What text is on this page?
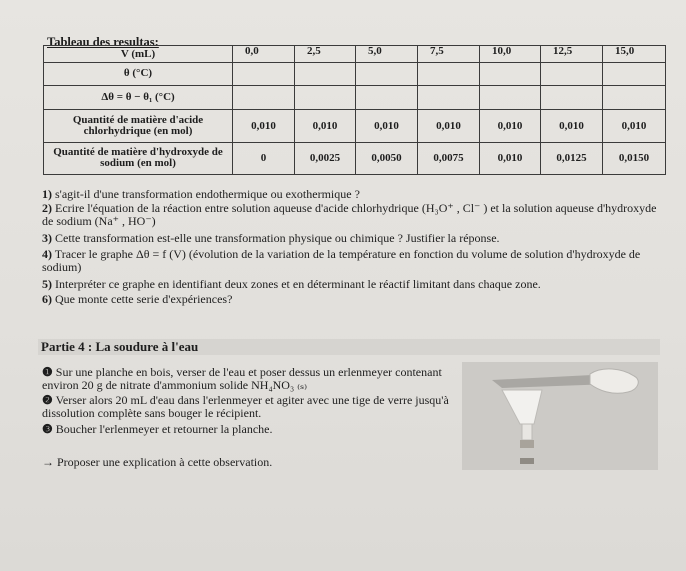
Tableau des resultas:
V (mL)	0,0	2,5	5,0	7,5	10,0	12,5	15,0
θ (°C)							
Δθ = θ − θ₁ (°C)							
Quantité de matière d'acide chlorhydrique (en mol)	0,010	0,010	0,010	0,010	0,010	0,010	0,010
Quantité de matière d'hydroxyde de sodium (en mol)	0	0,0025	0,0050	0,0075	0,010	0,0125	0,0150
1) s'agit-il d'une transformation endothermique ou exothermique ?
2) Ecrire l'équation de la réaction entre solution aqueuse d'acide chlorhydrique (H₃O⁺ , Cl⁻ ) et la solution aqueuse d'hydroxyde de sodium (Na⁺ , HO⁻)
3) Cette transformation est-elle une transformation physique ou chimique ? Justifier la réponse.
4) Tracer le graphe Δθ = f (V) (évolution de la variation de la température en fonction du volume de solution d'hydroxyde de sodium)
5) Interpréter ce graphe en identifiant deux zones et en déterminant le réactif limitant dans chaque zone.
6) Que monte cette serie d'expériences?
Partie 4 : La soudure à l'eau
❶ Sur une planche en bois, verser de l'eau et poser dessus un erlenmeyer contenant environ 20 g de nitrate d'ammonium solide NH₄NO₃ ₍ₛ₎
❷ Verser alors 20 mL d'eau dans l'erlenmeyer et agiter avec une tige de verre jusqu'à dissolution complète sans bouger le récipient.
❸ Boucher l'erlenmeyer et retourner la planche.
→ Proposer une explication à cette observation.
